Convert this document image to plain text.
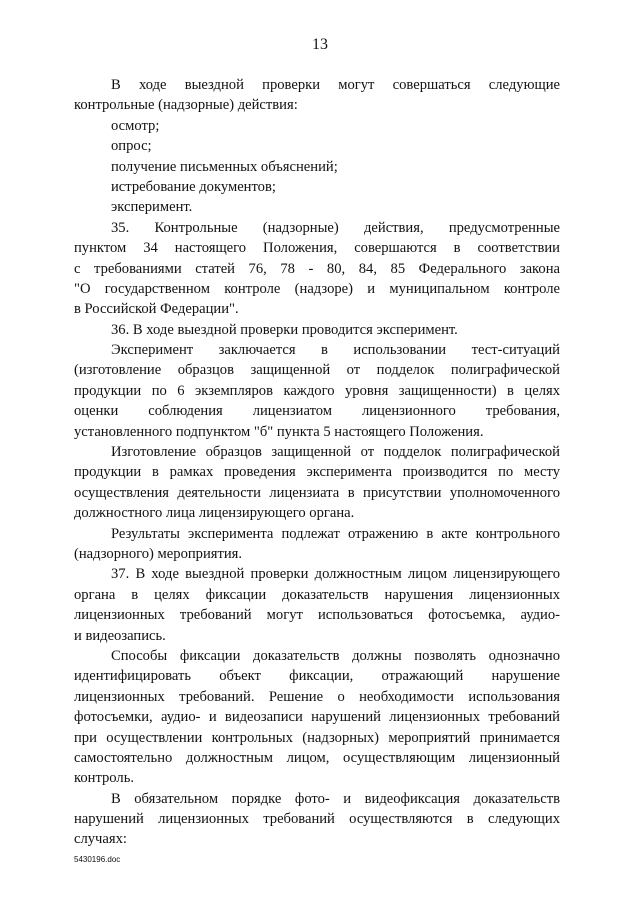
13
В ходе выездной проверки могут совершаться следующие
контрольные (надзорные) действия:
осмотр;
опрос;
получение письменных объяснений;
истребование документов;
эксперимент.
35. Контрольные (надзорные) действия, предусмотренные
пунктом 34 настоящего Положения, совершаются в соответствии
с требованиями статей 76, 78 - 80, 84, 85 Федерального закона
"О государственном контроле (надзоре) и муниципальном контроле
в Российской Федерации".
36. В ходе выездной проверки проводится эксперимент.
Эксперимент заключается в использовании тест-ситуаций
(изготовление образцов защищенной от подделок полиграфической
продукции по 6 экземпляров каждого уровня защищенности) в целях
оценки соблюдения лицензиатом лицензионного требования,
установленного подпунктом "б" пункта 5 настоящего Положения.
Изготовление образцов защищенной от подделок полиграфической
продукции в рамках проведения эксперимента производится по месту
осуществления деятельности лицензиата в присутствии уполномоченного
должностного лица лицензирующего органа.
Результаты эксперимента подлежат отражению в акте контрольного
(надзорного) мероприятия.
37. В ходе выездной проверки должностным лицом лицензирующего
органа в целях фиксации доказательств нарушения лицензионных
лицензионных требований могут использоваться фотосъемка, аудио-
и видеозапись.
Способы фиксации доказательств должны позволять однозначно
идентифицировать объект фиксации, отражающий нарушение
лицензионных требований. Решение о необходимости использования
фотосъемки, аудио- и видеозаписи нарушений лицензионных требований
при осуществлении контрольных (надзорных) мероприятий принимается
самостоятельно должностным лицом, осуществляющим лицензионный
контроль.
В обязательном порядке фото- и видеофиксация доказательств
нарушений лицензионных требований осуществляются в следующих
случаях:
5430196.doc
